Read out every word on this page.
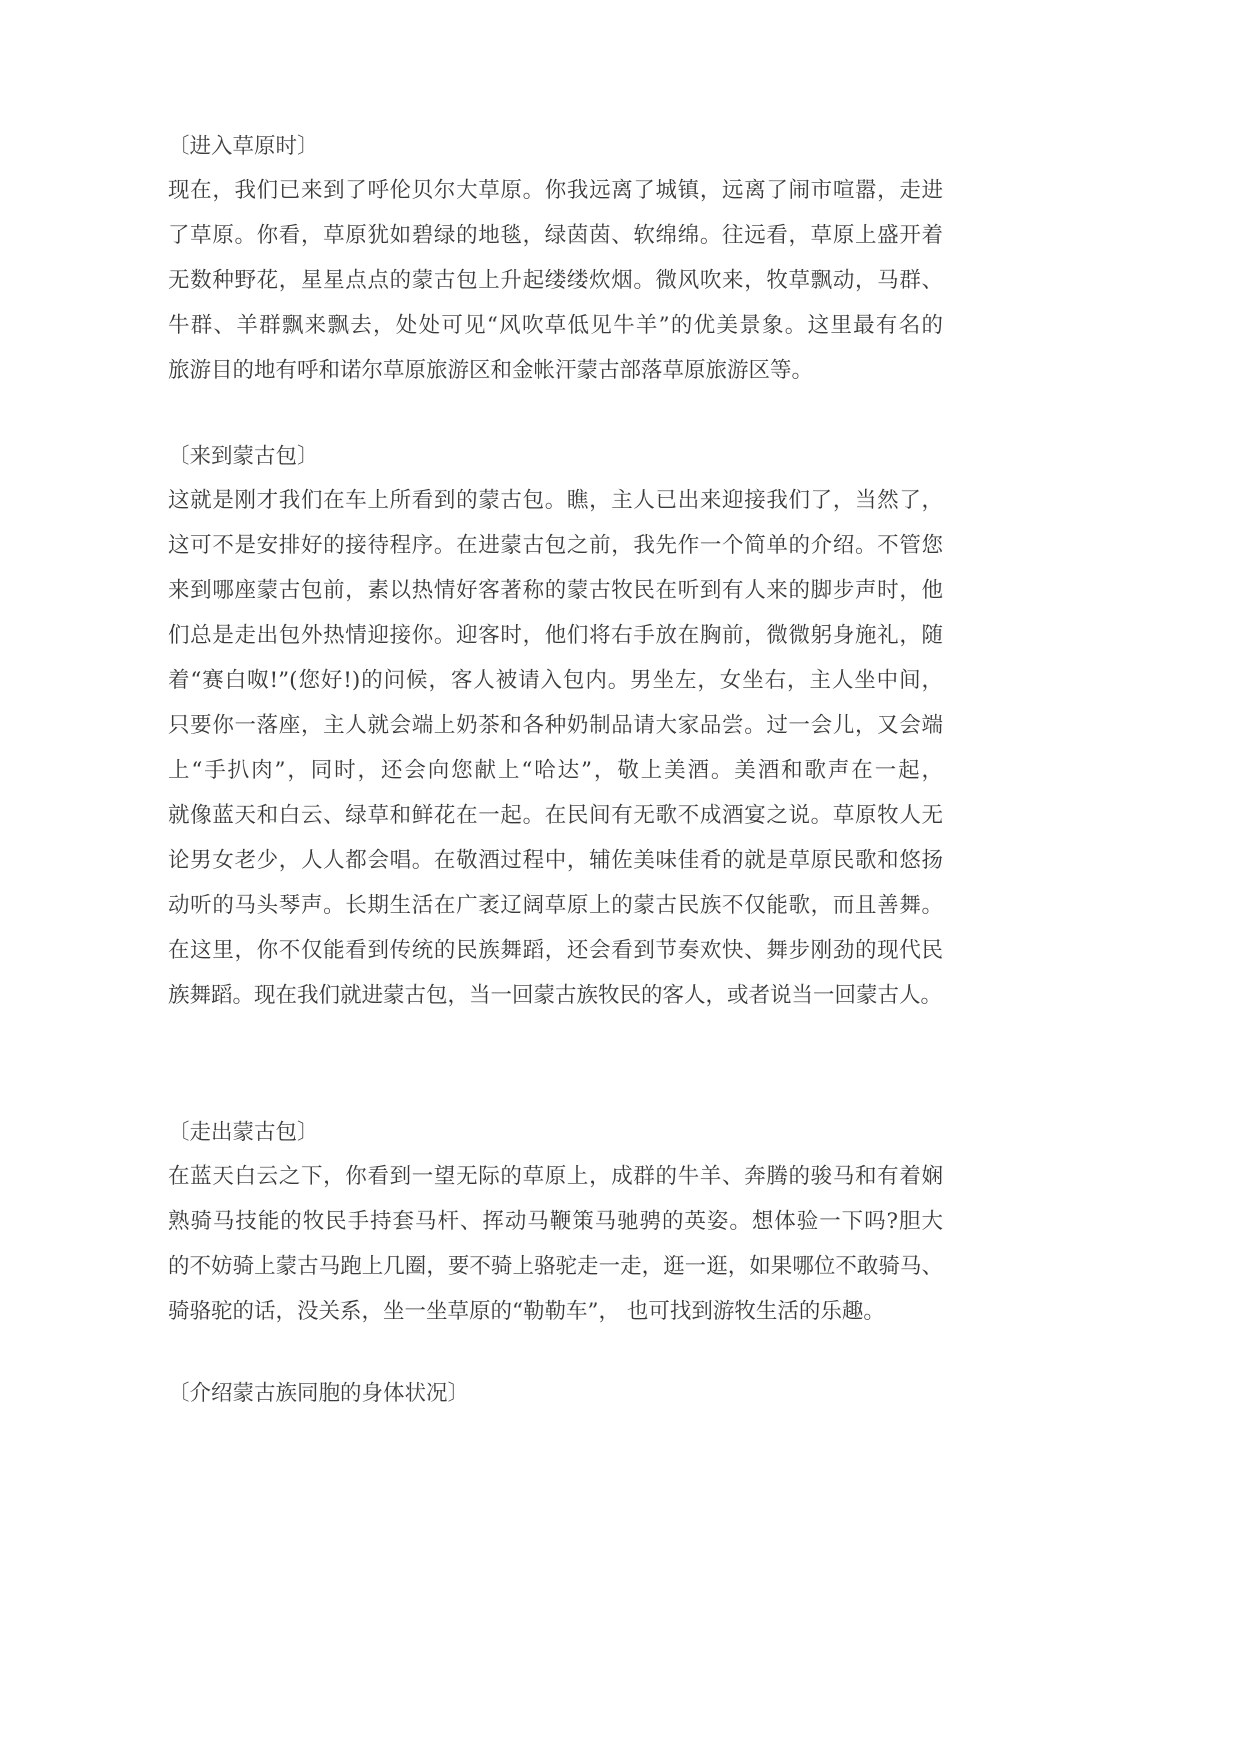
〔进入草原时〕
现在，我们已来到了呼伦贝尔大草原。你我远离了城镇，远离了闹市喧嚣，走进
了草原。你看，草原犹如碧绿的地毯，绿茵茵、软绵绵。往远看，草原上盛开着
无数种野花，星星点点的蒙古包上升起缕缕炊烟。微风吹来，牧草飘动，马群、
牛群、羊群飘来飘去，处处可见“风吹草低见牛羊”的优美景象。这里最有名的
旅游目的地有呼和诺尔草原旅游区和金帐汗蒙古部落草原旅游区等。
〔来到蒙古包〕
这就是刚才我们在车上所看到的蒙古包。瞧，主人已出来迎接我们了，当然了，
这可不是安排好的接待程序。在进蒙古包之前，我先作一个简单的介绍。不管您
来到哪座蒙古包前，素以热情好客著称的蒙古牧民在听到有人来的脚步声时，他
们总是走出包外热情迎接你。迎客时，他们将右手放在胸前，微微躬身施礼，随
着“赛白呶!”(您好!)的问候，客人被请入包内。男坐左，女坐右，主人坐中间，
只要你一落座，主人就会端上奶茶和各种奶制品请大家品尝。过一会儿，又会端
上“手扒肉”，同时，还会向您献上“哈达”，敬上美酒。美酒和歌声在一起，
就像蓝天和白云、绿草和鲜花在一起。在民间有无歌不成酒宴之说。草原牧人无
论男女老少，人人都会唱。在敬酒过程中，辅佐美味佳肴的就是草原民歌和悠扬
动听的马头琴声。长期生活在广袤辽阔草原上的蒙古民族不仅能歌，而且善舞。
在这里，你不仅能看到传统的民族舞蹈，还会看到节奏欢快、舞步刚劲的现代民
族舞蹈。现在我们就进蒙古包，当一回蒙古族牧民的客人，或者说当一回蒙古人。
〔走出蒙古包〕
在蓝天白云之下，你看到一望无际的草原上，成群的牛羊、奔腾的骏马和有着娴
熟骑马技能的牧民手持套马杆、挥动马鞭策马驰骋的英姿。想体验一下吗?胆大
的不妨骑上蒙古马跑上几圈，要不骑上骆驼走一走，逛一逛，如果哪位不敢骑马、
骑骆驼的话，没关系，坐一坐草原的“勒勒车”， 也可找到游牧生活的乐趣。
〔介绍蒙古族同胞的身体状况〕
